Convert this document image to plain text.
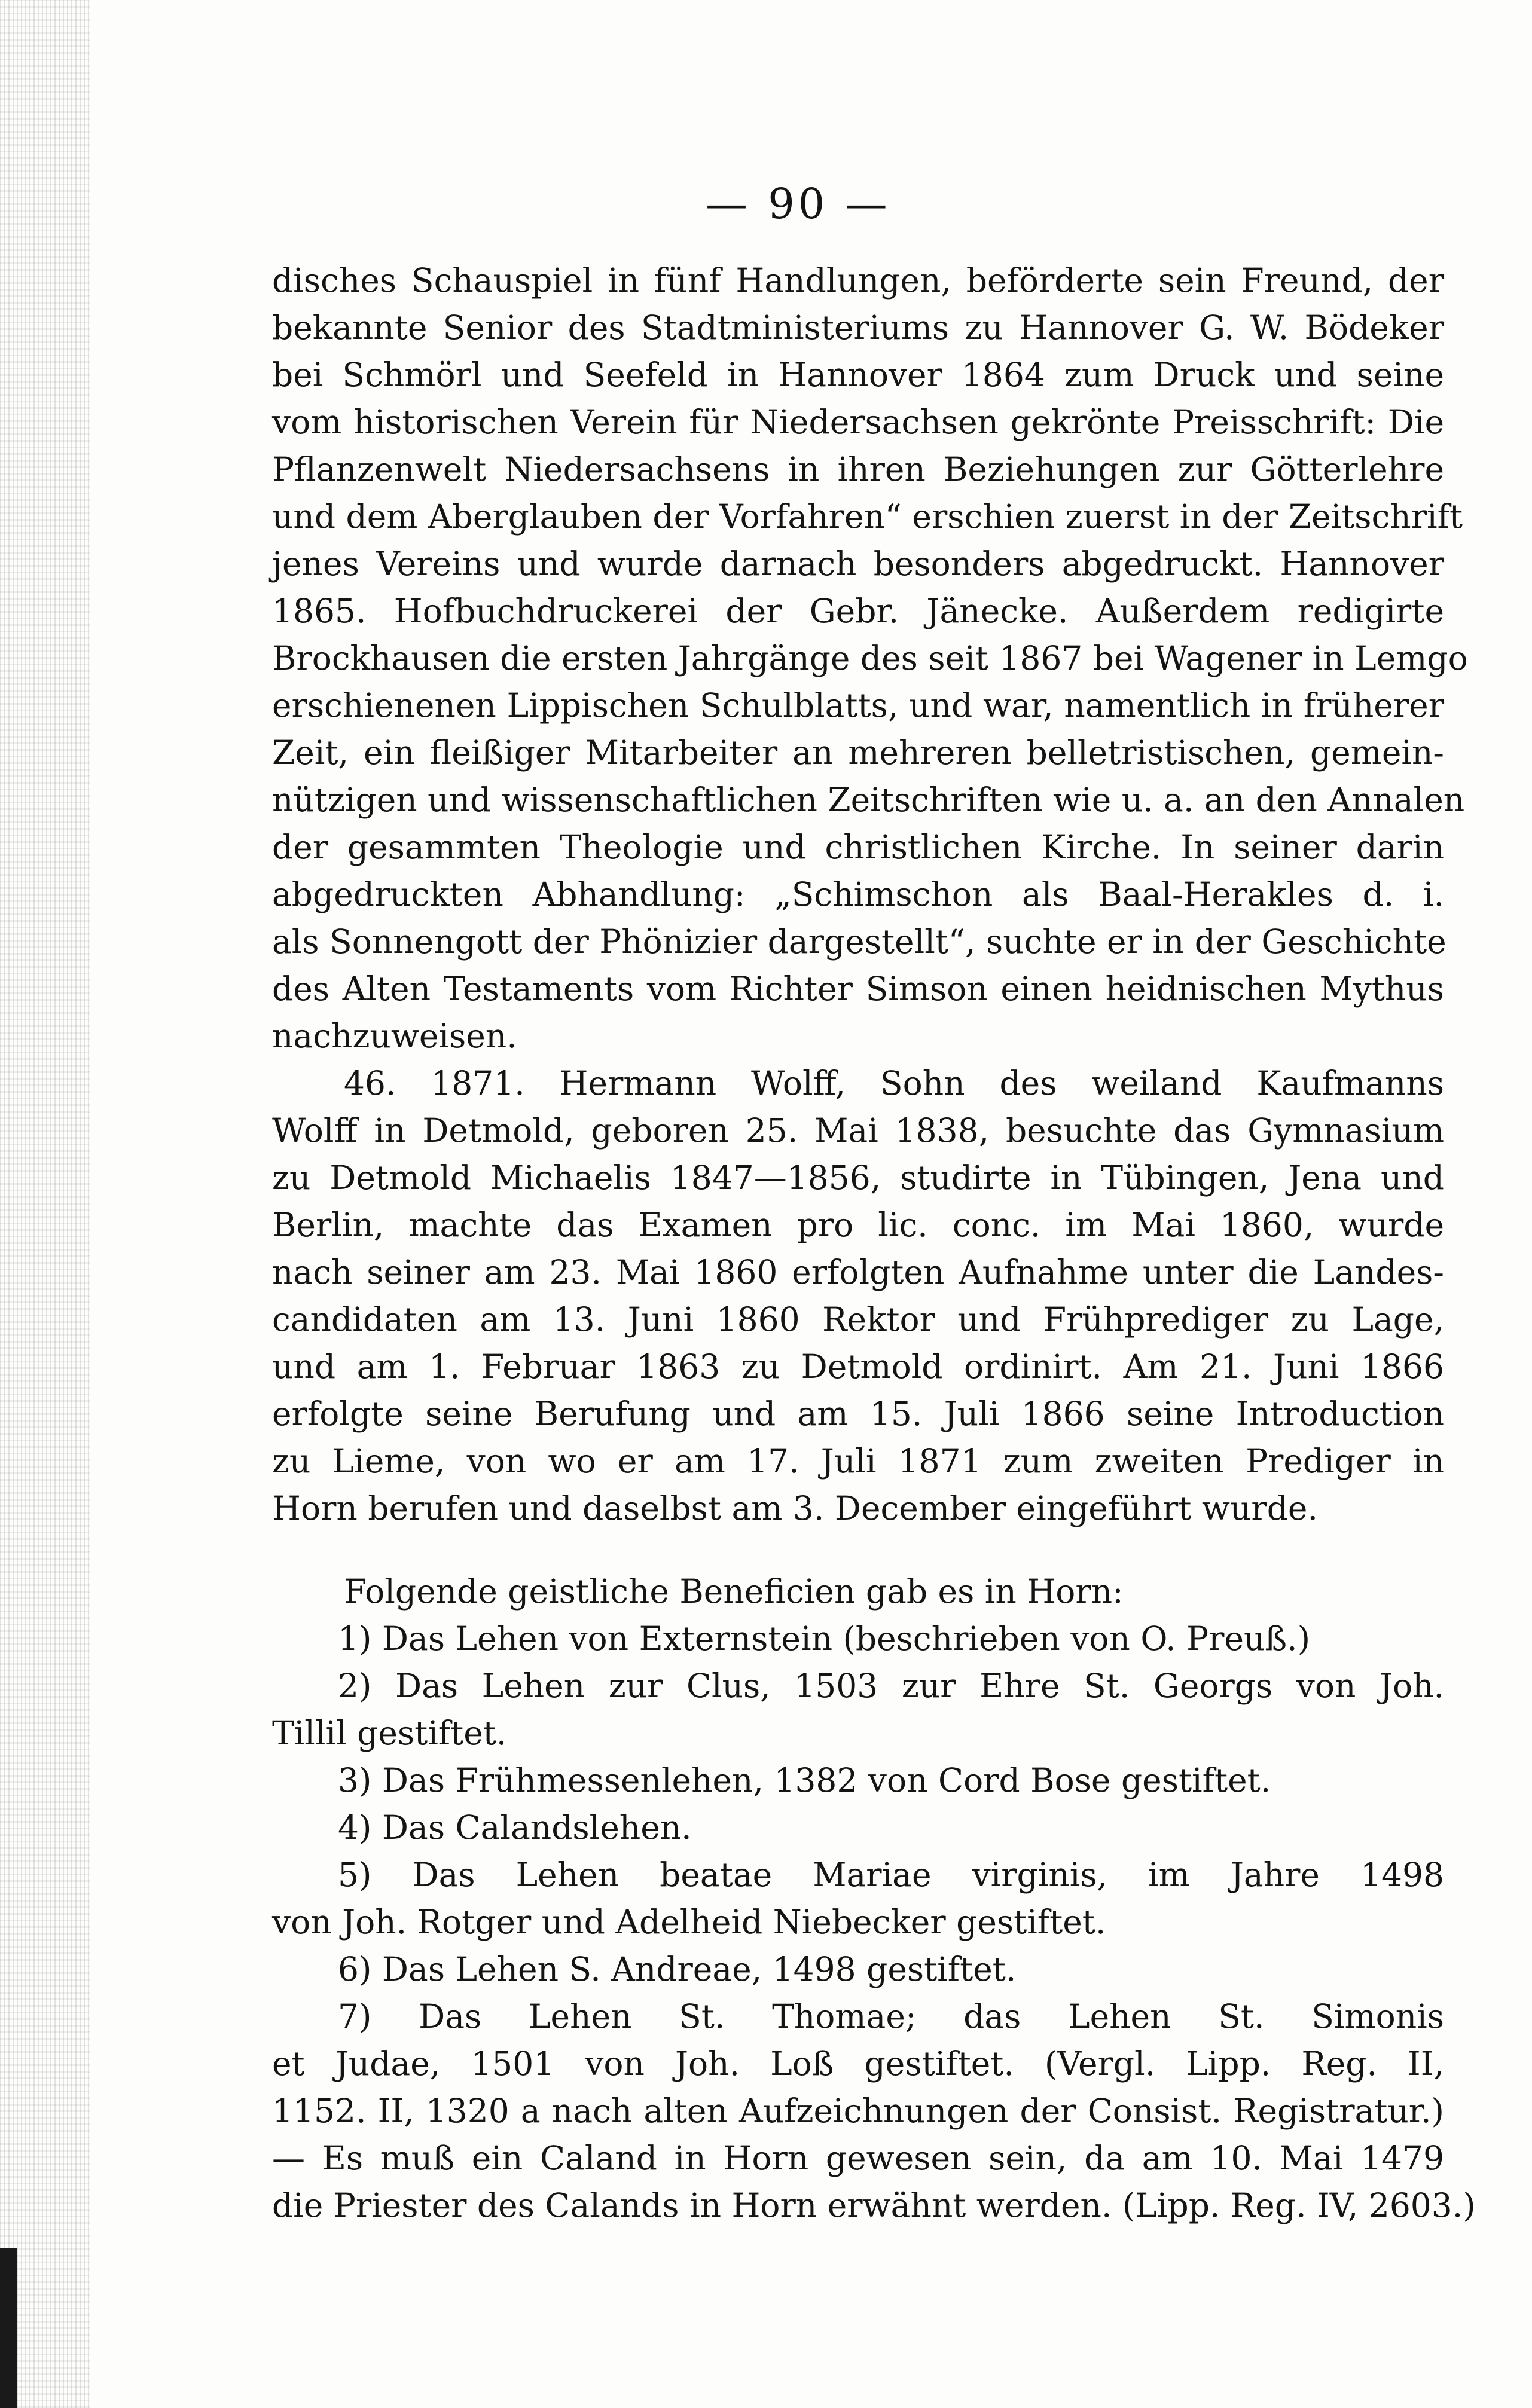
— 90 —
disches Schauspiel in fünf Handlungen, beförderte sein Freund, der
bekannte Senior des Stadtministeriums zu Hannover G. W. Bödeker
bei Schmörl und Seefeld in Hannover 1864 zum Druck und seine
vom historischen Verein für Niedersachsen gekrönte Preisschrift: Die
Pflanzenwelt Niedersachsens in ihren Beziehungen zur Götterlehre
und dem Aberglauben der Vorfahren“ erschien zuerst in der Zeitschrift
jenes Vereins und wurde darnach besonders abgedruckt. Hannover
1865. Hofbuchdruckerei der Gebr. Jänecke. Außerdem redigirte
Brockhausen die ersten Jahrgänge des seit 1867 bei Wagener in Lemgo
erschienenen Lippischen Schulblatts, und war, namentlich in früherer
Zeit, ein fleißiger Mitarbeiter an mehreren belletristischen, gemein-
nützigen und wissenschaftlichen Zeitschriften wie u. a. an den Annalen
der gesammten Theologie und christlichen Kirche. In seiner darin
abgedruckten Abhandlung: „Schimschon als Baal-Herakles d. i.
als Sonnengott der Phönizier dargestellt“, suchte er in der Geschichte
des Alten Testaments vom Richter Simson einen heidnischen Mythus
nachzuweisen.
46. 1871. Hermann Wolff, Sohn des weiland Kaufmanns
Wolff in Detmold, geboren 25. Mai 1838, besuchte das Gymnasium
zu Detmold Michaelis 1847—1856, studirte in Tübingen, Jena und
Berlin, machte das Examen pro lic. conc. im Mai 1860, wurde
nach seiner am 23. Mai 1860 erfolgten Aufnahme unter die Landes-
candidaten am 13. Juni 1860 Rektor und Frühprediger zu Lage,
und am 1. Februar 1863 zu Detmold ordinirt. Am 21. Juni 1866
erfolgte seine Berufung und am 15. Juli 1866 seine Introduction
zu Lieme, von wo er am 17. Juli 1871 zum zweiten Prediger in
Horn berufen und daselbst am 3. December eingeführt wurde.
Folgende geistliche Beneficien gab es in Horn:
1) Das Lehen von Externstein (beschrieben von O. Preuß.)
2) Das Lehen zur Clus, 1503 zur Ehre St. Georgs von Joh.
Tillil gestiftet.
3) Das Frühmessenlehen, 1382 von Cord Bose gestiftet.
4) Das Calandslehen.
5) Das Lehen beatae Mariae virginis, im Jahre 1498
von Joh. Rotger und Adelheid Niebecker gestiftet.
6) Das Lehen S. Andreae, 1498 gestiftet.
7) Das Lehen St. Thomae; das Lehen St. Simonis
et Judae, 1501 von Joh. Loß gestiftet. (Vergl. Lipp. Reg. II,
1152. II, 1320 a nach alten Aufzeichnungen der Consist. Registratur.)
— Es muß ein Caland in Horn gewesen sein, da am 10. Mai 1479
die Priester des Calands in Horn erwähnt werden. (Lipp. Reg. IV, 2603.)
